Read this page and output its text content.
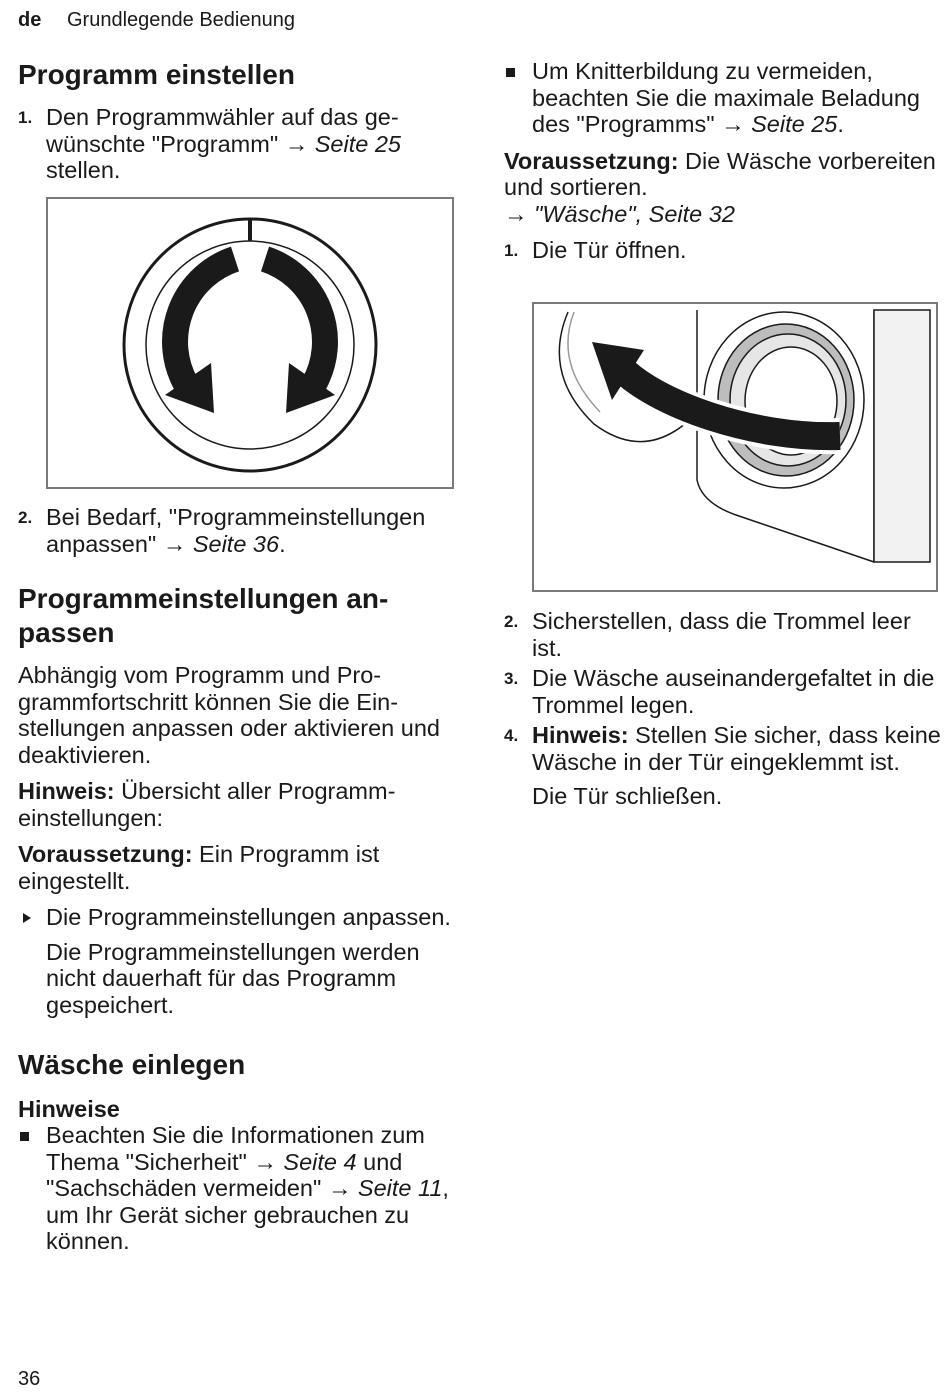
de Grundlegende Bedienung
Programm einstellen
1. Den Programmwähler auf das gewünschte "Programm" → Seite 25 stellen.
2. Bei Bedarf, "Programmeinstellungen anpassen" → Seite 36.
Programmeinstellungen anpassen

Abhängig vom Programm und Programmfortschritt können Sie die Einstellungen anpassen oder aktivieren und deaktivieren.

Hinweis: Übersicht aller Programmeinstellungen:

Voraussetzung: Ein Programm ist eingestellt.

Die Programmeinstellungen anpassen.

Die Programmeinstellungen werden nicht dauerhaft für das Programm gespeichert.

Wäsche einlegen
Hinweise
Beachten Sie die Informationen zum Thema "Sicherheit" → Seite 4 und "Sachschäden vermeiden" → Seite 11, um Ihr Gerät sicher gebrauchen zu können.
Um Knitterbildung zu vermeiden, beachten Sie die maximale Beladung des "Programms" → Seite 25.

Voraussetzung: Die Wäsche vorbereiten und sortieren.
→ "Wäsche", Seite 32

1. Die Tür öffnen.
2. Sicherstellen, dass die Trommel leer ist.
3. Die Wäsche auseinandergefaltet in die Trommel legen.
4. Hinweis: Stellen Sie sicher, dass keine Wäsche in der Tür eingeklemmt ist.

Die Tür schließen.

36
